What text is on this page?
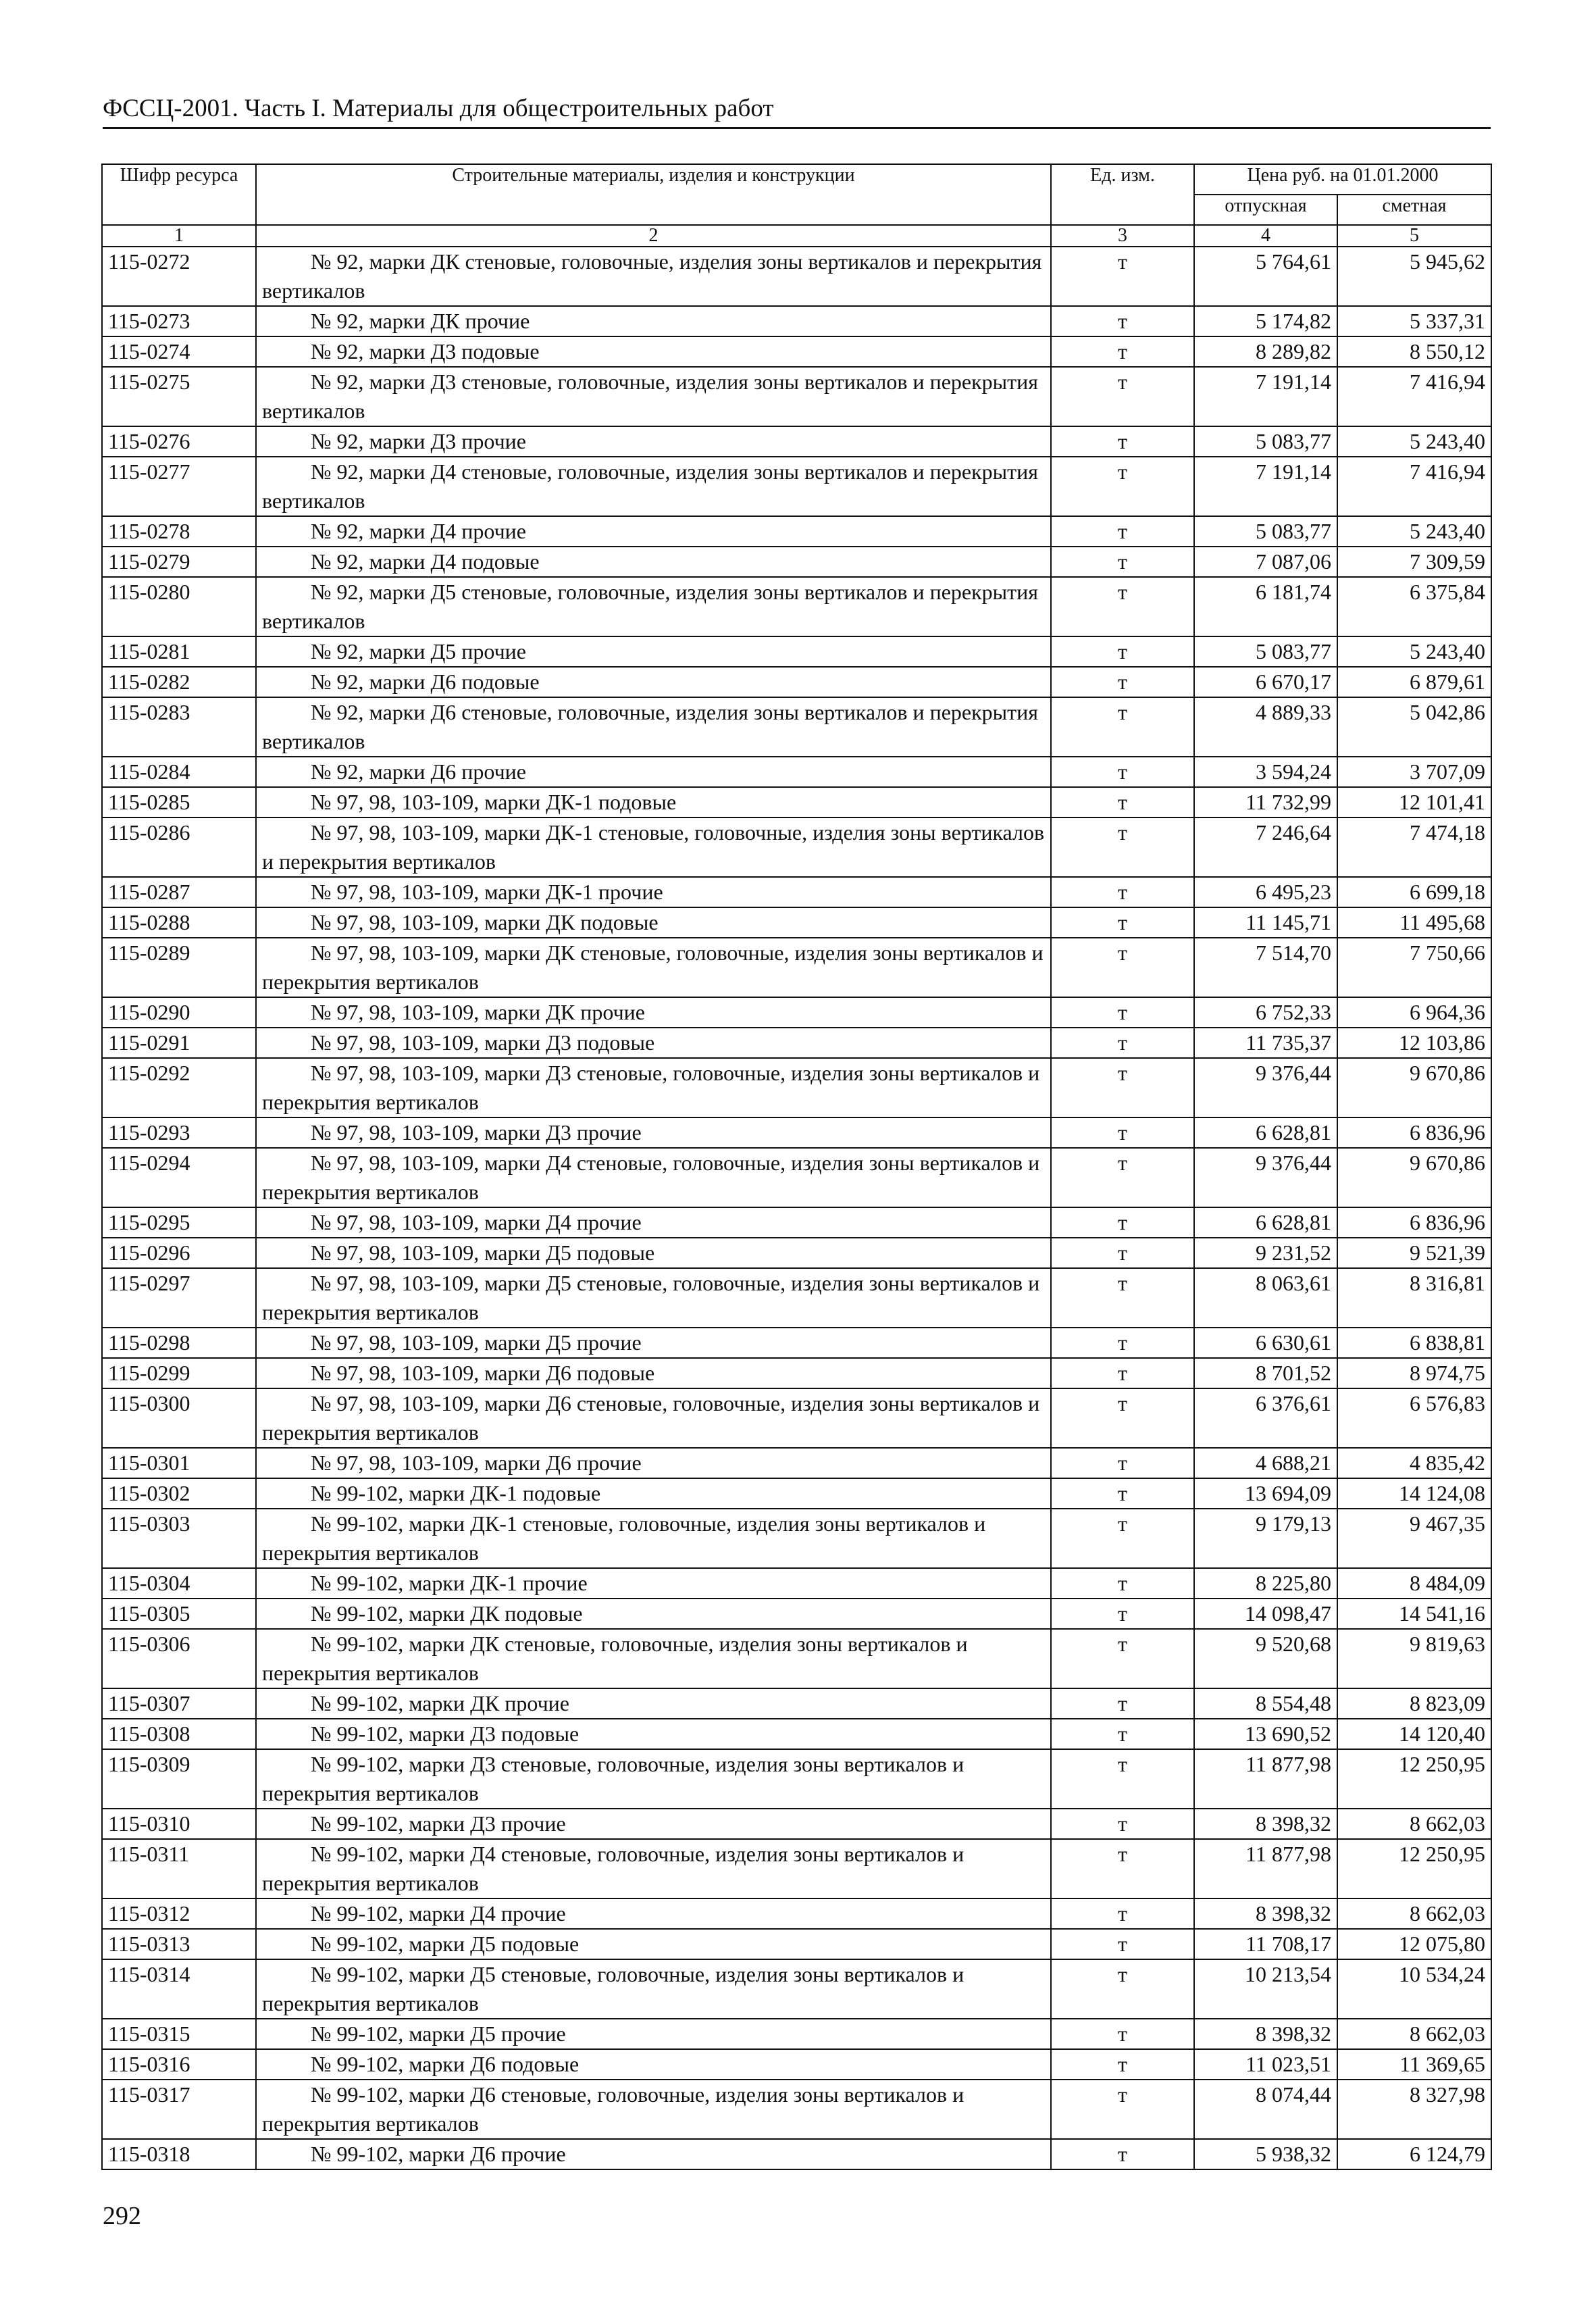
ФССЦ-2001. Часть I. Материалы для общестроительных работ
Шифр ресурса	Строительные материалы, изделия и конструкции	Ед. изм.	Цена руб. на 01.01.2000	
			отпускная	сметная
1	2	3	4	5
115-0272	№ 92, марки ДК стеновые, головочные, изделия зоны вертикалов и перекрытия вертикалов	т	5 764,61	5 945,62
115-0273	№ 92, марки ДК прочие	т	5 174,82	5 337,31
115-0274	№ 92, марки Д3 подовые	т	8 289,82	8 550,12
115-0275	№ 92, марки Д3 стеновые, головочные, изделия зоны вертикалов и перекрытия вертикалов	т	7 191,14	7 416,94
115-0276	№ 92, марки Д3 прочие	т	5 083,77	5 243,40
115-0277	№ 92, марки Д4 стеновые, головочные, изделия зоны вертикалов и перекрытия вертикалов	т	7 191,14	7 416,94
115-0278	№ 92, марки Д4 прочие	т	5 083,77	5 243,40
115-0279	№ 92, марки Д4 подовые	т	7 087,06	7 309,59
115-0280	№ 92, марки Д5 стеновые, головочные, изделия зоны вертикалов и перекрытия вертикалов	т	6 181,74	6 375,84
115-0281	№ 92, марки Д5 прочие	т	5 083,77	5 243,40
115-0282	№ 92, марки Д6 подовые	т	6 670,17	6 879,61
115-0283	№ 92, марки Д6 стеновые, головочные, изделия зоны вертикалов и перекрытия вертикалов	т	4 889,33	5 042,86
115-0284	№ 92, марки Д6 прочие	т	3 594,24	3 707,09
115-0285	№ 97, 98, 103-109, марки ДК-1 подовые	т	11 732,99	12 101,41
115-0286	№ 97, 98, 103-109, марки ДК-1 стеновые, головочные, изделия зоны вертикалов и перекрытия вертикалов	т	7 246,64	7 474,18
115-0287	№ 97, 98, 103-109, марки ДК-1 прочие	т	6 495,23	6 699,18
115-0288	№ 97, 98, 103-109, марки ДК подовые	т	11 145,71	11 495,68
115-0289	№ 97, 98, 103-109, марки ДК стеновые, головочные, изделия зоны вертикалов и перекрытия вертикалов	т	7 514,70	7 750,66
115-0290	№ 97, 98, 103-109, марки ДК прочие	т	6 752,33	6 964,36
115-0291	№ 97, 98, 103-109, марки Д3 подовые	т	11 735,37	12 103,86
115-0292	№ 97, 98, 103-109, марки Д3 стеновые, головочные, изделия зоны вертикалов и перекрытия вертикалов	т	9 376,44	9 670,86
115-0293	№ 97, 98, 103-109, марки Д3 прочие	т	6 628,81	6 836,96
115-0294	№ 97, 98, 103-109, марки Д4 стеновые, головочные, изделия зоны вертикалов и перекрытия вертикалов	т	9 376,44	9 670,86
115-0295	№ 97, 98, 103-109, марки Д4 прочие	т	6 628,81	6 836,96
115-0296	№ 97, 98, 103-109, марки Д5 подовые	т	9 231,52	9 521,39
115-0297	№ 97, 98, 103-109, марки Д5 стеновые, головочные, изделия зоны вертикалов и перекрытия вертикалов	т	8 063,61	8 316,81
115-0298	№ 97, 98, 103-109, марки Д5 прочие	т	6 630,61	6 838,81
115-0299	№ 97, 98, 103-109, марки Д6 подовые	т	8 701,52	8 974,75
115-0300	№ 97, 98, 103-109, марки Д6 стеновые, головочные, изделия зоны вертикалов и перекрытия вертикалов	т	6 376,61	6 576,83
115-0301	№ 97, 98, 103-109, марки Д6 прочие	т	4 688,21	4 835,42
115-0302	№ 99-102, марки ДК-1 подовые	т	13 694,09	14 124,08
115-0303	№ 99-102, марки ДК-1 стеновые, головочные, изделия зоны вертикалов и перекрытия вертикалов	т	9 179,13	9 467,35
115-0304	№ 99-102, марки ДК-1 прочие	т	8 225,80	8 484,09
115-0305	№ 99-102, марки ДК подовые	т	14 098,47	14 541,16
115-0306	№ 99-102, марки ДК стеновые, головочные, изделия зоны вертикалов и перекрытия вертикалов	т	9 520,68	9 819,63
115-0307	№ 99-102, марки ДК прочие	т	8 554,48	8 823,09
115-0308	№ 99-102, марки Д3 подовые	т	13 690,52	14 120,40
115-0309	№ 99-102, марки Д3 стеновые, головочные, изделия зоны вертикалов и перекрытия вертикалов	т	11 877,98	12 250,95
115-0310	№ 99-102, марки Д3 прочие	т	8 398,32	8 662,03
115-0311	№ 99-102, марки Д4 стеновые, головочные, изделия зоны вертикалов и перекрытия вертикалов	т	11 877,98	12 250,95
115-0312	№ 99-102, марки Д4 прочие	т	8 398,32	8 662,03
115-0313	№ 99-102, марки Д5 подовые	т	11 708,17	12 075,80
115-0314	№ 99-102, марки Д5 стеновые, головочные, изделия зоны вертикалов и перекрытия вертикалов	т	10 213,54	10 534,24
115-0315	№ 99-102, марки Д5 прочие	т	8 398,32	8 662,03
115-0316	№ 99-102, марки Д6 подовые	т	11 023,51	11 369,65
115-0317	№ 99-102, марки Д6 стеновые, головочные, изделия зоны вертикалов и перекрытия вертикалов	т	8 074,44	8 327,98
115-0318	№ 99-102, марки Д6 прочие	т	5 938,32	6 124,79
292
